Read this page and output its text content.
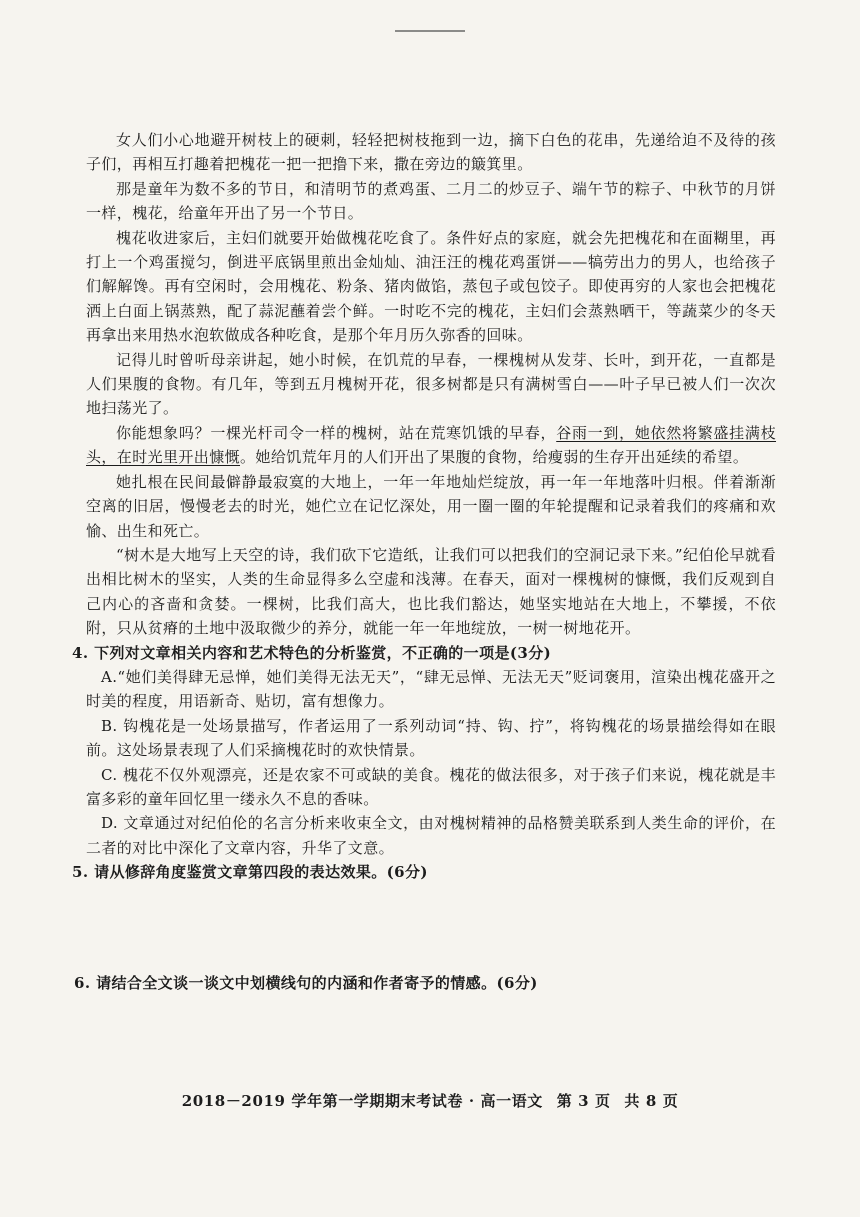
女人们小心地避开树枝上的硬刺，轻轻把树枝拖到一边，摘下白色的花串，先递给迫不及待的孩子们，再相互打趣着把槐花一把一把撸下来，撒在旁边的簸箕里。

那是童年为数不多的节日，和清明节的煮鸡蛋、二月二的炒豆子、端午节的粽子、中秋节的月饼一样，槐花，给童年开出了另一个节日。

槐花收进家后，主妇们就要开始做槐花吃食了。条件好点的家庭，就会先把槐花和在面糊里，再打上一个鸡蛋搅匀，倒进平底锅里煎出金灿灿、油汪汪的槐花鸡蛋饼——犒劳出力的男人，也给孩子们解解馋。再有空闲时，会用槐花、粉条、猪肉做馅，蒸包子或包饺子。即使再穷的人家也会把槐花洒上白面上锅蒸熟，配了蒜泥蘸着尝个鲜。一时吃不完的槐花，主妇们会蒸熟晒干，等蔬菜少的冬天再拿出来用热水泡软做成各种吃食，是那个年月历久弥香的回味。

记得儿时曾听母亲讲起，她小时候，在饥荒的早春，一棵槐树从发芽、长叶，到开花，一直都是人们果腹的食物。有几年，等到五月槐树开花，很多树都是只有满树雪白——叶子早已被人们一次次地扫荡光了。

你能想象吗？一棵光杆司令一样的槐树，站在荒寒饥饿的早春，谷雨一到，她依然将繁盛挂满枝头，在时光里开出慷慨。她给饥荒年月的人们开出了果腹的食物，给瘦弱的生存开出延续的希望。

她扎根在民间最僻静最寂寞的大地上，一年一年地灿烂绽放，再一年一年地落叶归根。伴着渐渐空离的旧居，慢慢老去的时光，她伫立在记忆深处，用一圈一圈的年轮提醒和记录着我们的疼痛和欢愉、出生和死亡。

“树木是大地写上天空的诗，我们砍下它造纸，让我们可以把我们的空洞记录下来。”纪伯伦早就看出相比树木的坚实，人类的生命显得多么空虚和浅薄。在春天，面对一棵槐树的慷慨，我们反观到自己内心的吝啬和贪婪。一棵树，比我们高大，也比我们豁达，她坚实地站在大地上，不攀援，不依附，只从贫瘠的土地中汲取微少的养分，就能一年一年地绽放，一树一树地花开。

4. 下列对文章相关内容和艺术特色的分析鉴赏，不正确的一项是(3分)

A.“她们美得肆无忌惮，她们美得无法无天”，“肆无忌惮、无法无天”贬词褒用，渲染出槐花盛开之时美的程度，用语新奇、贴切，富有想像力。

B. 钩槐花是一处场景描写，作者运用了一系列动词“持、钩、拧”，将钩槐花的场景描绘得如在眼前。这处场景表现了人们采摘槐花时的欢快情景。

C. 槐花不仅外观漂亮，还是农家不可或缺的美食。槐花的做法很多，对于孩子们来说，槐花就是丰富多彩的童年回忆里一缕永久不息的香味。

D. 文章通过对纪伯伦的名言分析来收束全文，由对槐树精神的品格赞美联系到人类生命的评价，在二者的对比中深化了文章内容，升华了文意。

5. 请从修辞角度鉴赏文章第四段的表达效果。(6分)

6. 请结合全文谈一谈文中划横线句的内涵和作者寄予的情感。(6分)
2018－2019 学年第一学期期末考试卷 · 高一语文 第 3 页 共 8 页
